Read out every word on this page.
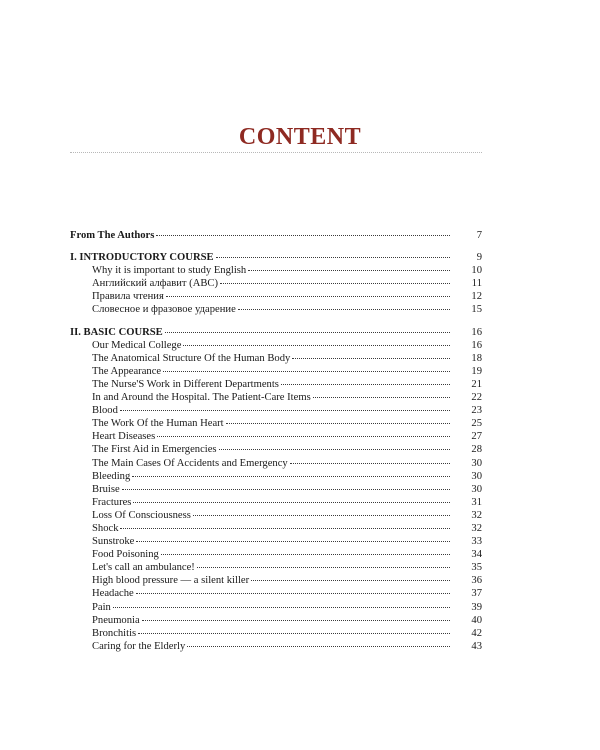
CONTENT
From The Authors	7
I. INTRODUCTORY COURSE	9
Why it is important to study English	10
Английский алфавит (ABC)	11
Правила чтения	12
Словесное и фразовое ударение	15
II. BASIC COURSE	16
Our Medical College	16
The Anatomical Structure Of the Human Body	18
The Appearance	19
The Nurse'S Work in Different Departments	21
In and Around the Hospital. The Patient-Care Items	22
Blood	23
The Work Of the Human Heart	25
Heart Diseases	27
The First Aid in Emergencies	28
The Main Cases Of Accidents and Emergency	30
Bleeding	30
Bruise	30
Fractures	31
Loss Of Consciousness	32
Shock	32
Sunstroke	33
Food Poisoning	34
Let's call an ambulance!	35
High blood pressure — a silent killer	36
Headache	37
Pain	39
Pneumonia	40
Bronchitis	42
Caring for the Elderly	43
